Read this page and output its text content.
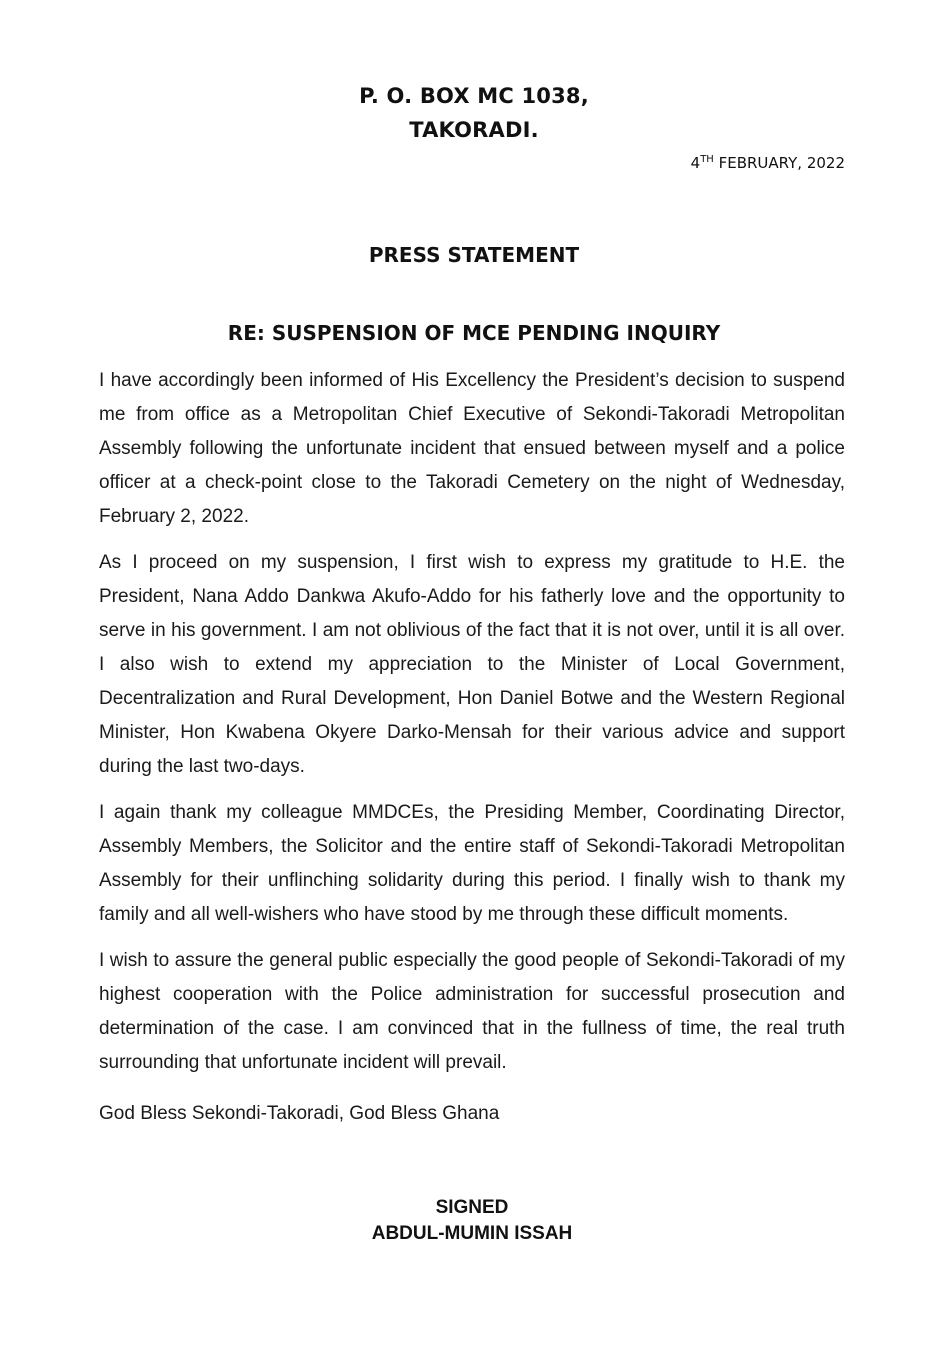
P. O. BOX MC 1038,
TAKORADI.
4TH FEBRUARY, 2022
PRESS STATEMENT
RE: SUSPENSION OF MCE PENDING INQUIRY

I have accordingly been informed of His Excellency the President’s decision to suspend me from office as a Metropolitan Chief Executive of Sekondi-Takoradi Metropolitan Assembly following the unfortunate incident that ensued between myself and a police officer at a check-point close to the Takoradi Cemetery on the night of Wednesday, February 2, 2022.

As I proceed on my suspension, I first wish to express my gratitude to H.E. the President, Nana Addo Dankwa Akufo-Addo for his fatherly love and the opportunity to serve in his government. I am not oblivious of the fact that it is not over, until it is all over. I also wish to extend my appreciation to the Minister of Local Government, Decentralization and Rural Development, Hon Daniel Botwe and the Western Regional Minister, Hon Kwabena Okyere Darko-Mensah for their various advice and support during the last two-days.

I again thank my colleague MMDCEs, the Presiding Member, Coordinating Director, Assembly Members, the Solicitor and the entire staff of Sekondi-Takoradi Metropolitan Assembly for their unflinching solidarity during this period. I finally wish to thank my family and all well-wishers who have stood by me through these difficult moments.

I wish to assure the general public especially the good people of Sekondi-Takoradi of my highest cooperation with the Police administration for successful prosecution and determination of the case. I am convinced that in the fullness of time, the real truth surrounding that unfortunate incident will prevail.

God Bless Sekondi-Takoradi, God Bless Ghana
SIGNED
ABDUL-MUMIN ISSAH
